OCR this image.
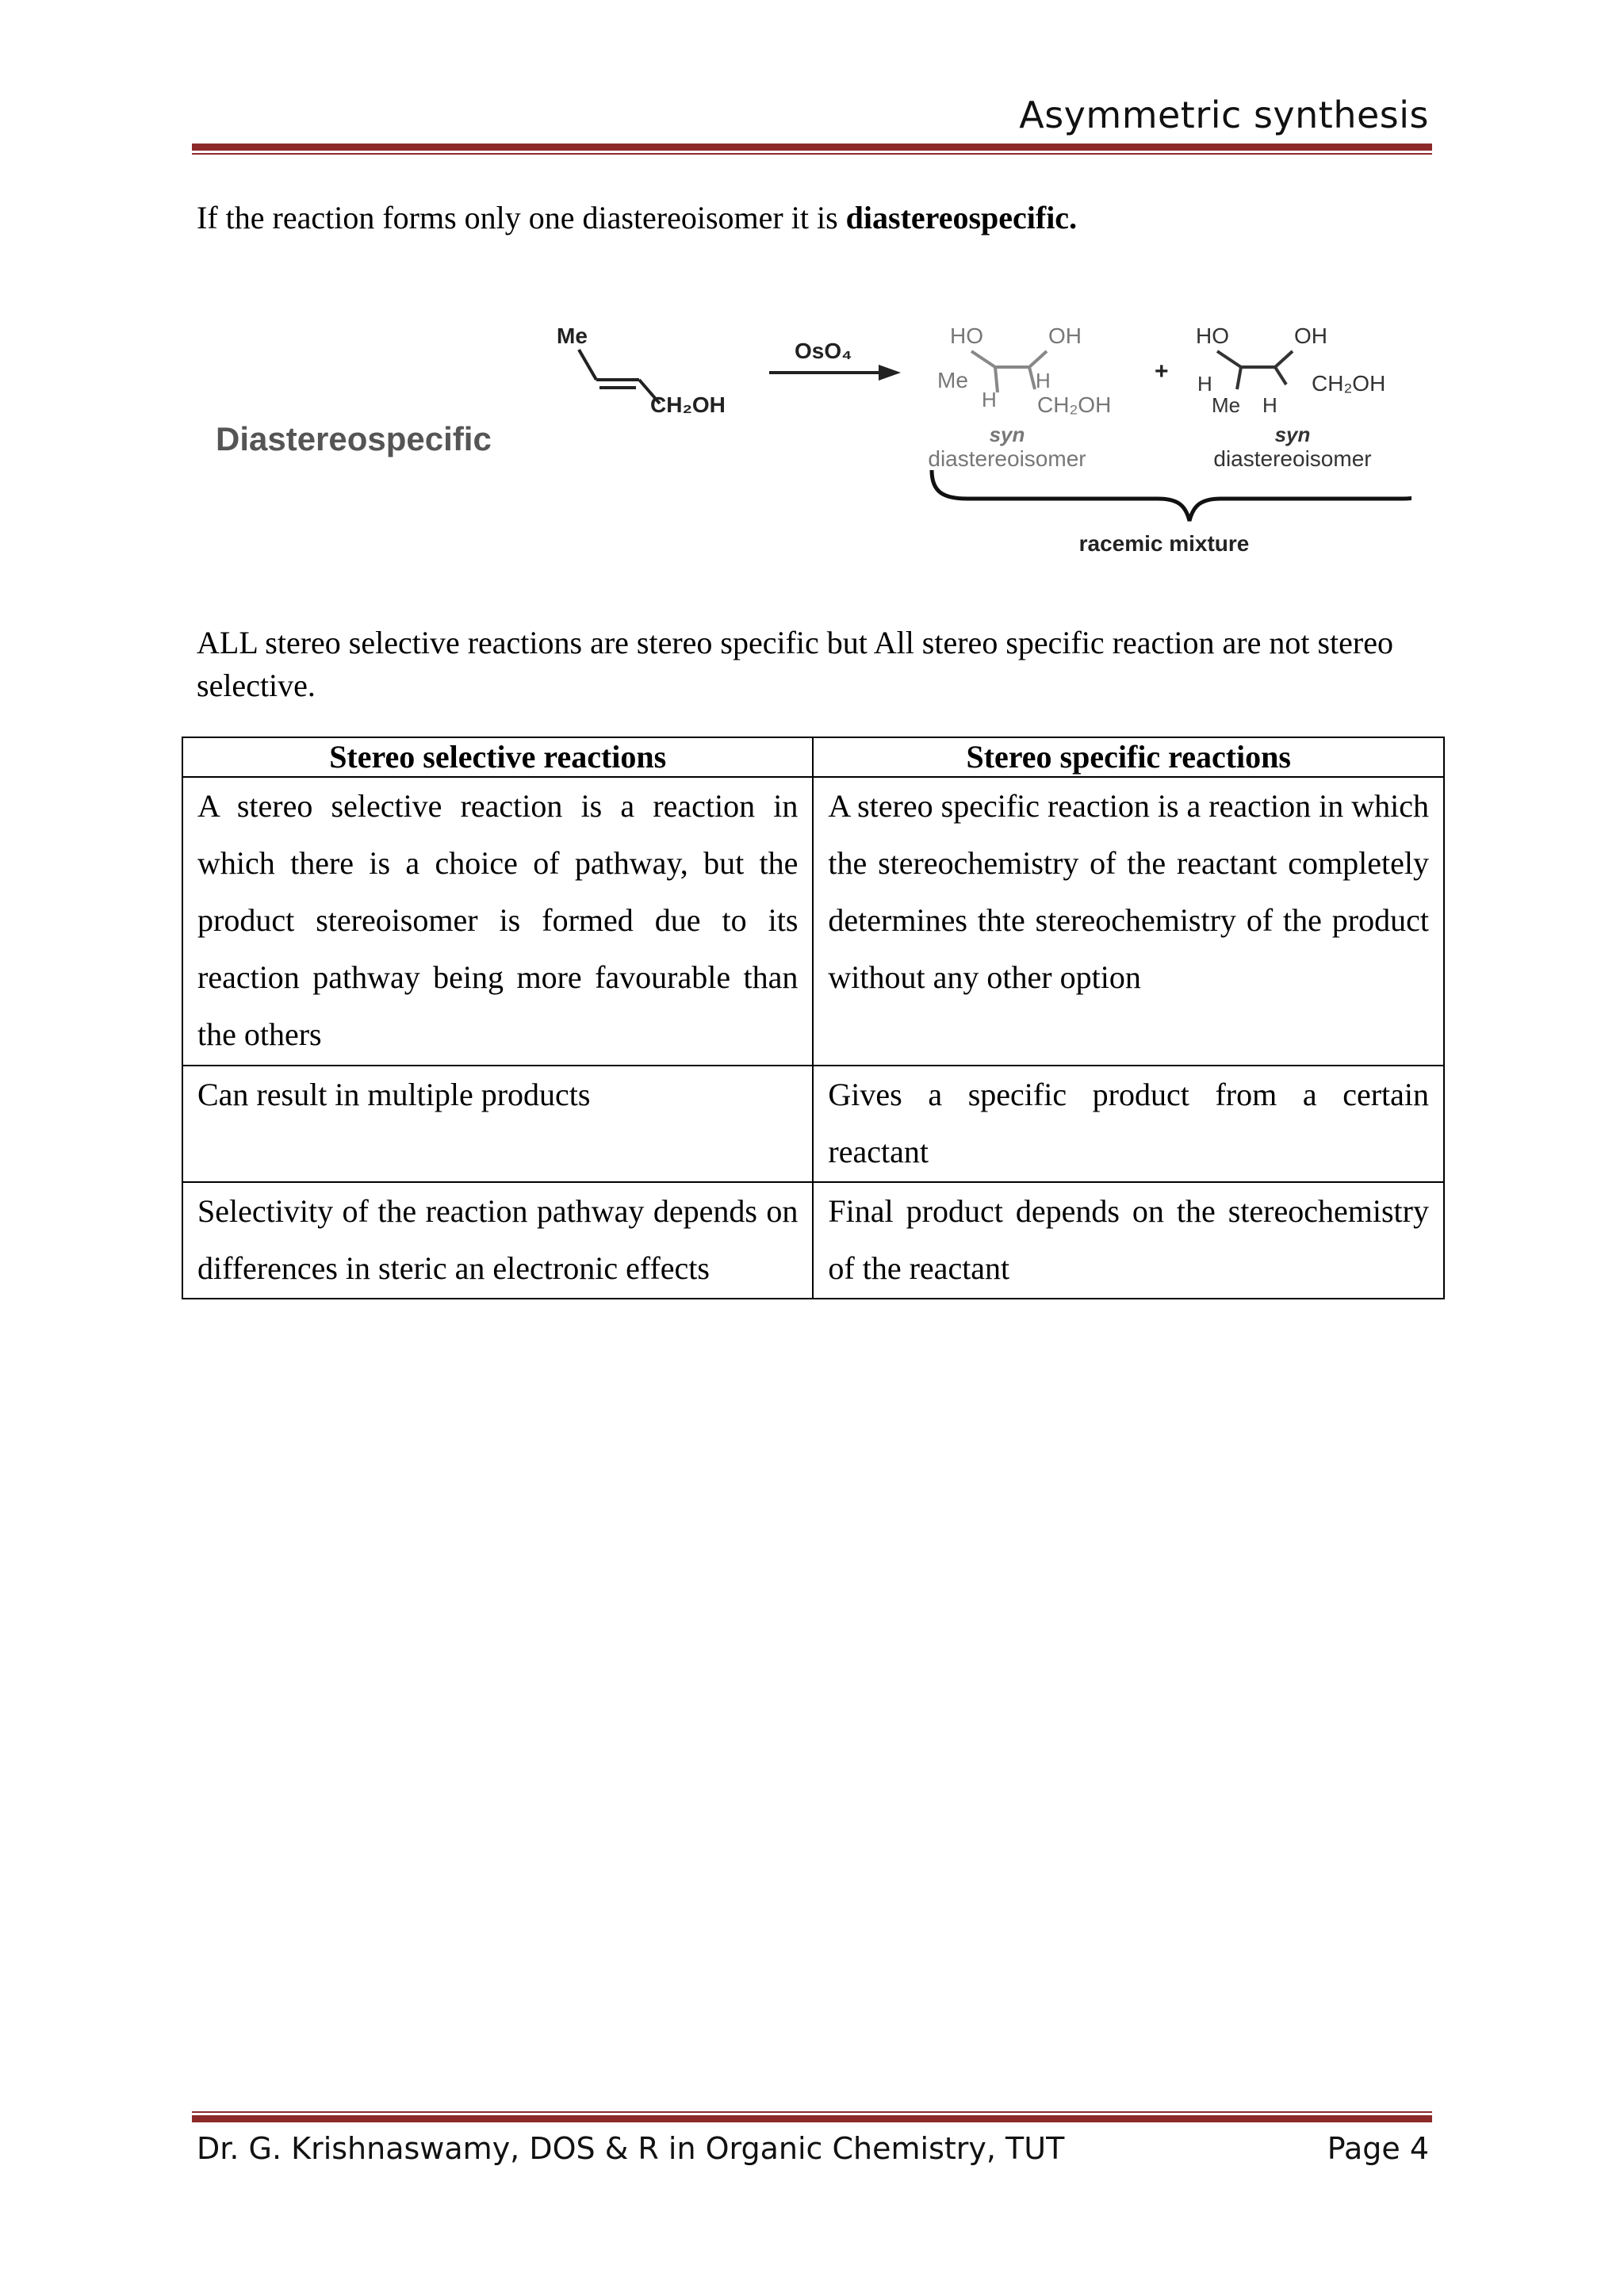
Asymmetric synthesis

If the reaction forms only one diastereoisomer it is diastereospecific.

Diastereospecific
Me
CH₂OH
OsO₄
HO	OH
Me
H
H
CH₂OH
syn
diastereoisomer
+
HO	OH
H
Me H
CH₂OH
syn
diastereoisomer
racemic mixture

ALL stereo selective reactions are stereo specific but All stereo specific reaction are not stereo selective.

Stereo selective reactions	Stereo specific reactions
A stereo selective reaction is a reaction in which there is a choice of pathway, but the product stereoisomer is formed due to its reaction pathway being more favourable than the others	A stereo specific reaction is a reaction in which the stereochemistry of the reactant completely determines thte stereochemistry of the product without any other option
Can result in multiple products	Gives a specific product from a certain reactant
Selectivity of the reaction pathway depends on differences in steric an electronic effects	Final product depends on the stereochemistry of the reactant
Dr. G. Krishnaswamy, DOS & R in Organic Chemistry, TUT	Page 4
